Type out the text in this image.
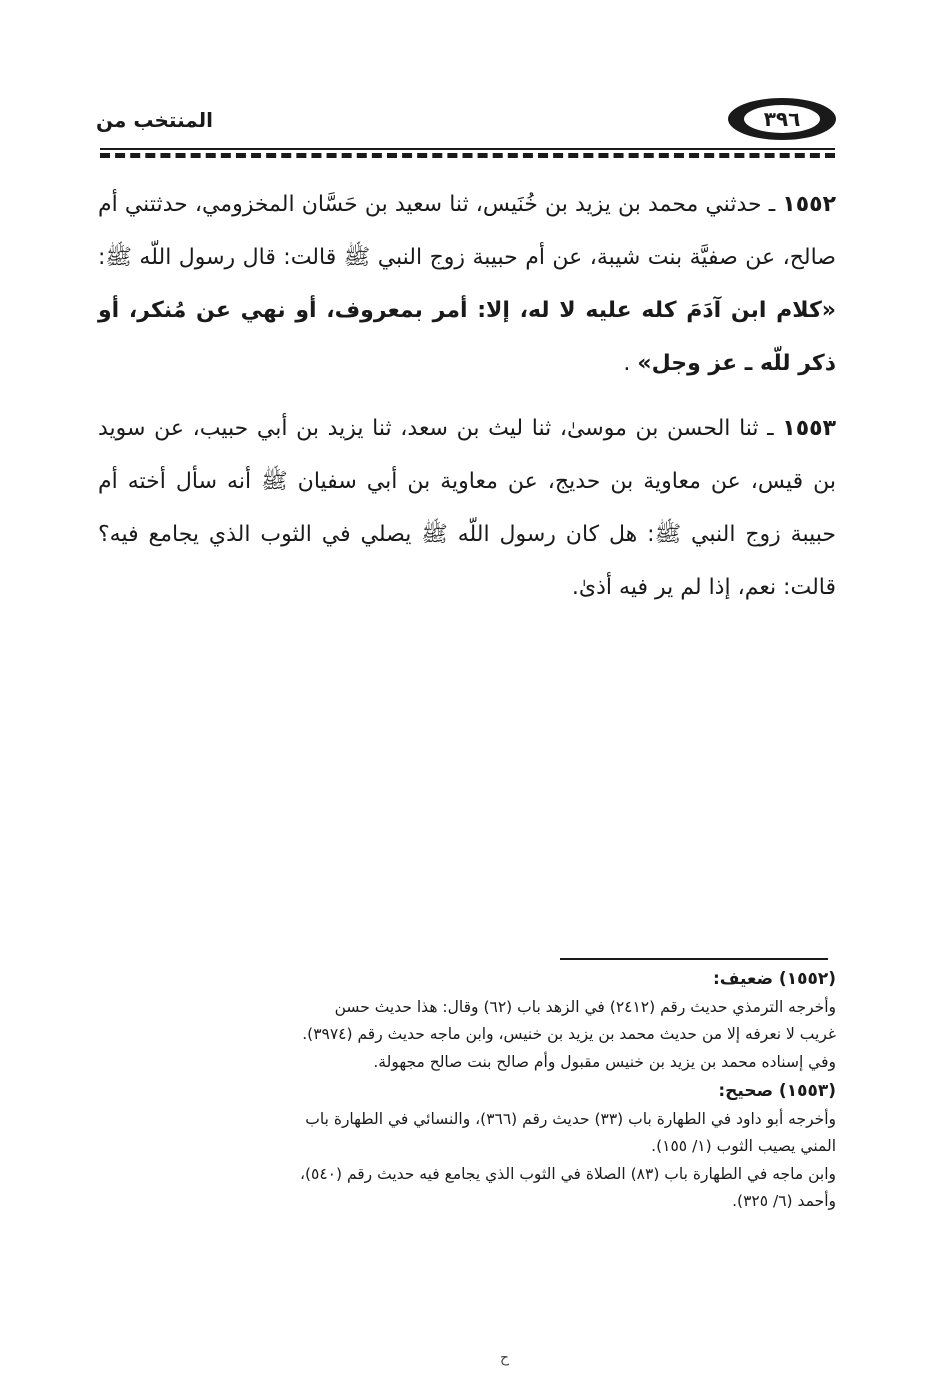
٣٩٦
المنتخب من

١٥٥٢ ـ حدثني محمد بن يزيد بن خُنَيس، ثنا سعيد بن حَسَّان المخزومي، حدثتني أم صالح، عن صفيَّة بنت شيبة، عن أم حبيبة زوج النبي ﷺ قالت: قال رسول اللّه ﷺ: «كلام ابن آدَمَ كله عليه لا له، إلا: أمر بمعروف، أو نهي عن مُنكر، أو ذكر للّه ـ عز وجل» .

١٥٥٣ ـ ثنا الحسن بن موسىٰ، ثنا ليث بن سعد، ثنا يزيد بن أبي حبيب، عن سويد بن قيس، عن معاوية بن حديج، عن معاوية بن أبي سفيان ﷺ أنه سأل أخته أم حبيبة زوج النبي ﷺ: هل كان رسول اللّه ﷺ يصلي في الثوب الذي يجامع فيه؟ قالت: نعم، إذا لم ير فيه أذىٰ.

(١٥٥٢) ضعيف:
وأخرجه الترمذي حديث رقم (٢٤١٢) في الزهد باب (٦٢) وقال: هذا حديث حسن
غريب لا نعرفه إلا من حديث محمد بن يزيد بن خنيس، وابن ماجه حديث رقم (٣٩٧٤).
وفي إسناده محمد بن يزيد بن خنيس مقبول وأم صالح بنت صالح مجهولة.
(١٥٥٣) صحيح:
وأخرجه أبو داود في الطهارة باب (٣٣) حديث رقم (٣٦٦)، والنسائي في الطهارة باب
المني يصيب الثوب (١/ ١٥٥).
وابن ماجه في الطهارة باب (٨٣) الصلاة في الثوب الذي يجامع فيه حديث رقم (٥٤٠)،
وأحمد (٦/ ٣٢٥).
ح
